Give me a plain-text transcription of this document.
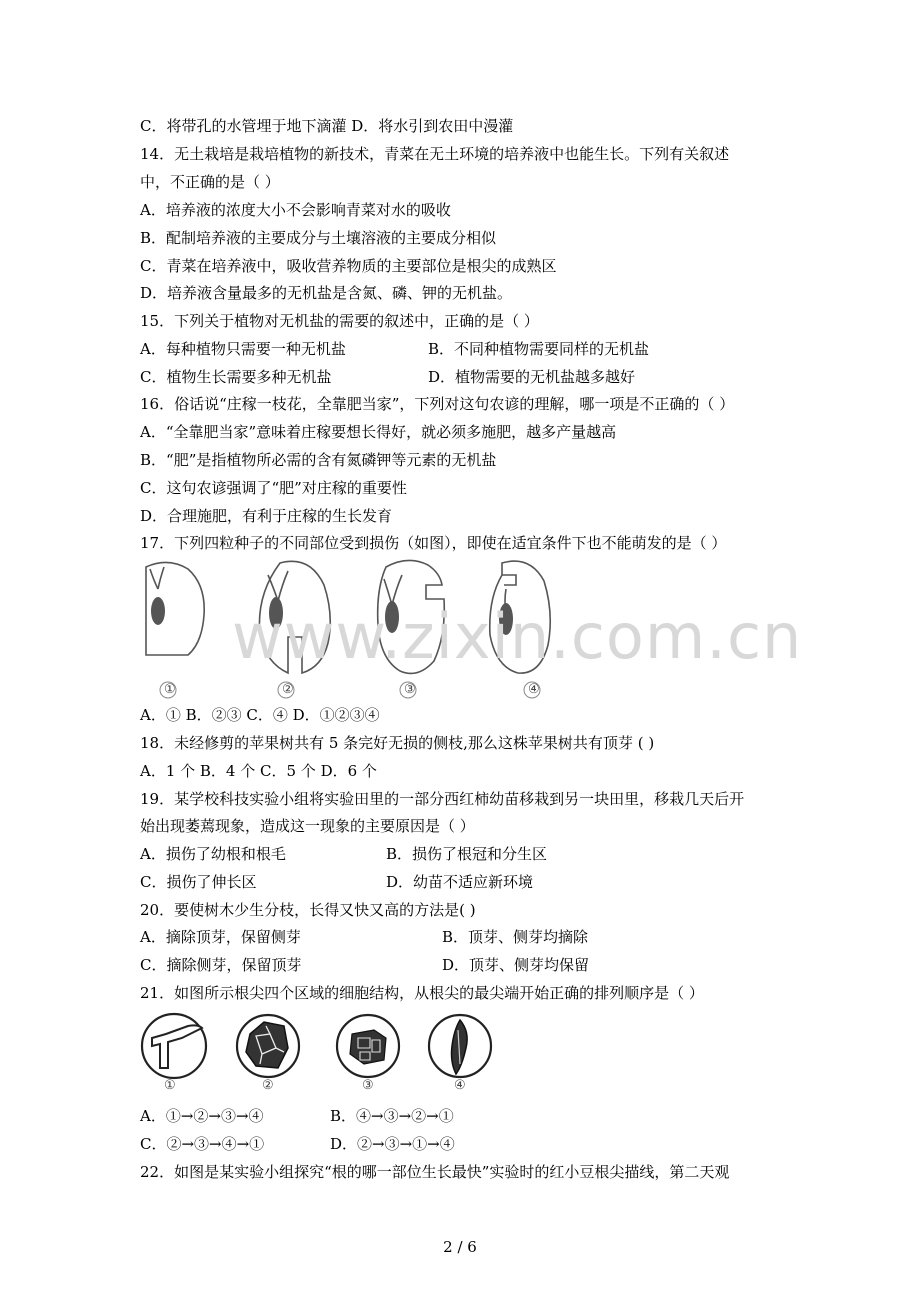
C．将带孔的水管埋于地下滴灌 D．将水引到农田中漫灌
14．无土栽培是栽培植物的新技术，青菜在无土环境的培养液中也能生长。下列有关叙述
中，不正确的是（ ）
A．培养液的浓度大小不会影响青菜对水的吸收
B．配制培养液的主要成分与土壤溶液的主要成分相似
C．青菜在培养液中，吸收营养物质的主要部位是根尖的成熟区
D．培养液含量最多的无机盐是含氮、磷、钾的无机盐。
15．下列关于植物对无机盐的需要的叙述中，正确的是（ ）
A．每种植物只需要一种无机盐	B．不同种植物需要同样的无机盐
C．植物生长需要多种无机盐	D．植物需要的无机盐越多越好
16．俗话说“庄稼一枝花，全靠肥当家”，下列对这句农谚的理解，哪一项是不正确的（ ）
A．“全靠肥当家”意味着庄稼要想长得好，就必须多施肥，越多产量越高
B．“肥”是指植物所必需的含有氮磷钾等元素的无机盐
C．这句农谚强调了“肥”对庄稼的重要性
D．合理施肥，有利于庄稼的生长发育
17．下列四粒种子的不同部位受到损伤（如图），即使在适宜条件下也不能萌发的是（ ）
①	②	③	④
A．① B．②③ C．④ D．①②③④
18．未经修剪的苹果树共有 5 条完好无损的侧枝,那么这株苹果树共有顶芽 ( )
A．1 个 B．4 个 C．5 个 D．6 个
19．某学校科技实验小组将实验田里的一部分西红柿幼苗移栽到另一块田里，移栽几天后开
始出现萎蔫现象，造成这一现象的主要原因是（ ）
A．损伤了幼根和根毛	B．损伤了根冠和分生区
C．损伤了伸长区	D．幼苗不适应新环境
20．要使树木少生分枝，长得又快又高的方法是( )
A．摘除顶芽，保留侧芽	B．顶芽、侧芽均摘除
C．摘除侧芽，保留顶芽	D．顶芽、侧芽均保留
21．如图所示根尖四个区域的细胞结构，从根尖的最尖端开始正确的排列顺序是（ ）
①	②	③	④
A．①→②→③→④	B．④→③→②→①
C．②→③→④→①	D．②→③→①→④
22．如图是某实验小组探究“根的哪一部位生长最快”实验时的红小豆根尖描线，第二天观
www.zixin.com.cn
2 / 6
